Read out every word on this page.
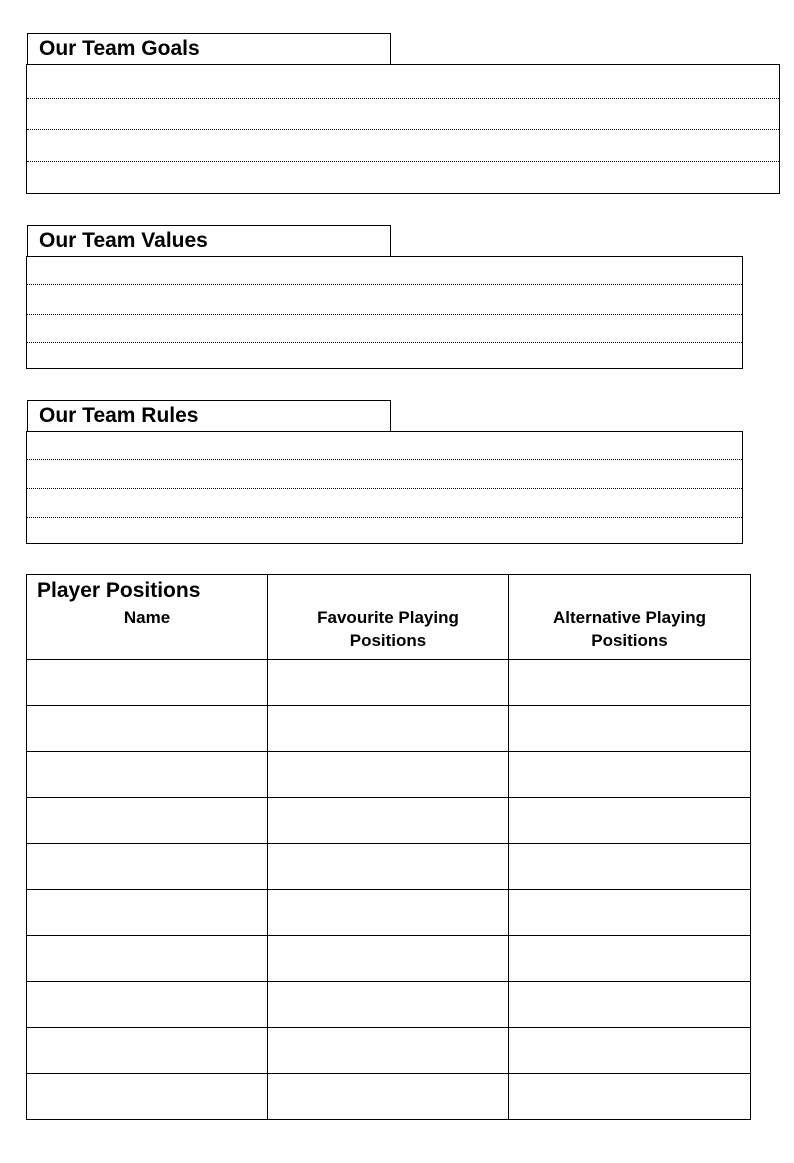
Our Team Goals
Our Team Values
Our Team Rules
Player Positions		
Name	Favourite Playing Positions	Alternative Playing Positions
